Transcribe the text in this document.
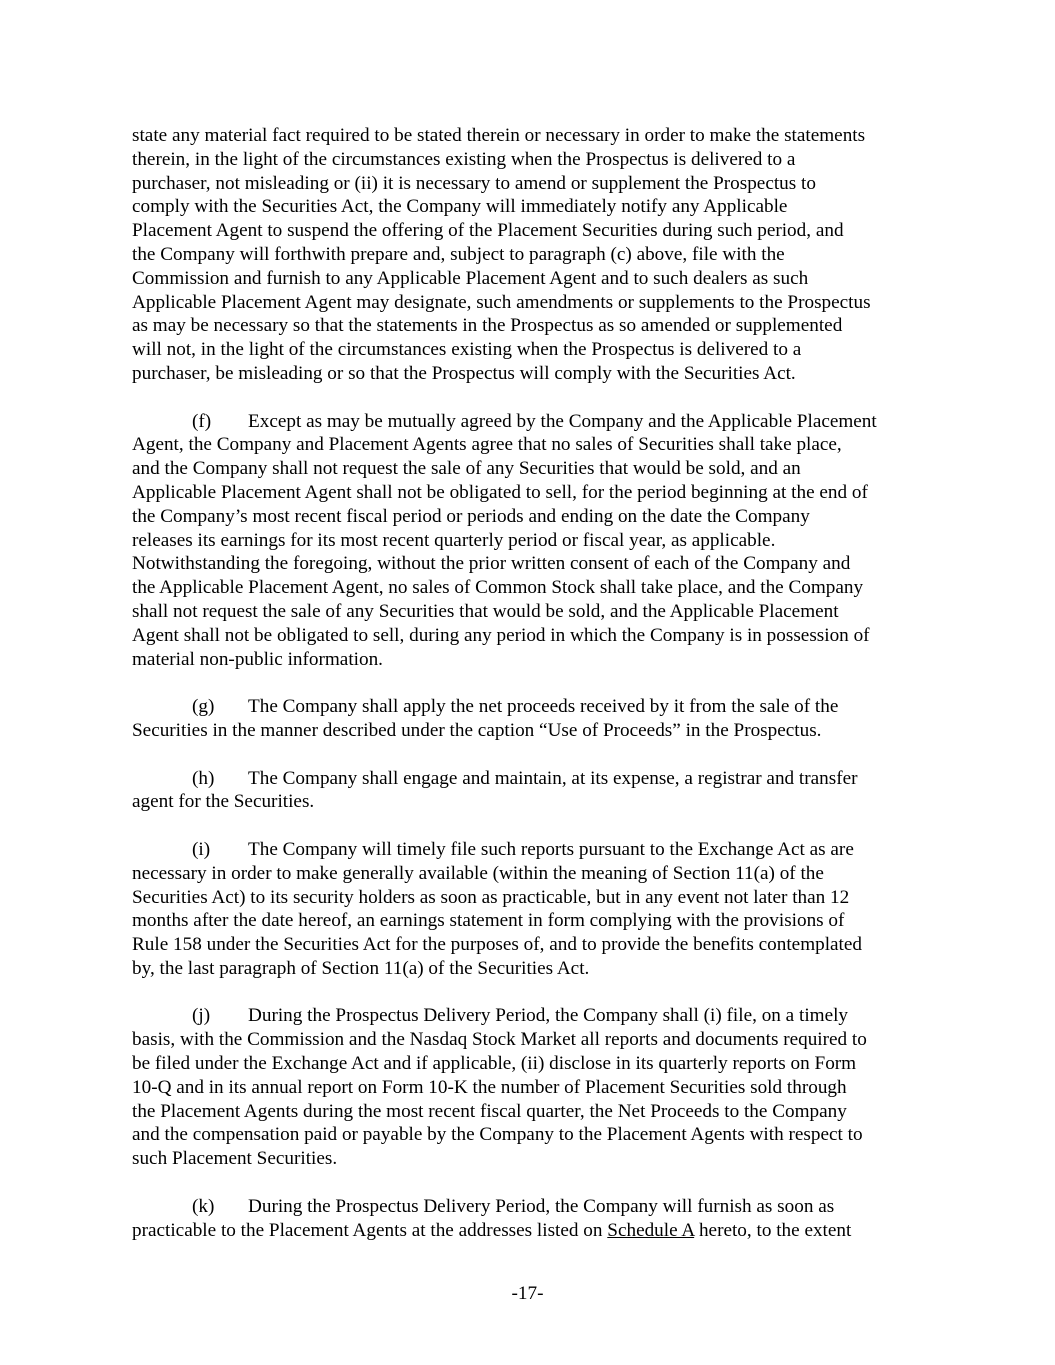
state any material fact required to be stated therein or necessary in order to make the statements
therein, in the light of the circumstances existing when the Prospectus is delivered to a
purchaser, not misleading or (ii) it is necessary to amend or supplement the Prospectus to
comply with the Securities Act, the Company will immediately notify any Applicable
Placement Agent to suspend the offering of the Placement Securities during such period, and
the Company will forthwith prepare and, subject to paragraph (c) above, file with the
Commission and furnish to any Applicable Placement Agent and to such dealers as such
Applicable Placement Agent may designate, such amendments or supplements to the Prospectus
as may be necessary so that the statements in the Prospectus as so amended or supplemented
will not, in the light of the circumstances existing when the Prospectus is delivered to a
purchaser, be misleading or so that the Prospectus will comply with the Securities Act.
(f) Except as may be mutually agreed by the Company and the Applicable Placement
Agent, the Company and Placement Agents agree that no sales of Securities shall take place,
and the Company shall not request the sale of any Securities that would be sold, and an
Applicable Placement Agent shall not be obligated to sell, for the period beginning at the end of
the Company’s most recent fiscal period or periods and ending on the date the Company
releases its earnings for its most recent quarterly period or fiscal year, as applicable.
Notwithstanding the foregoing, without the prior written consent of each of the Company and
the Applicable Placement Agent, no sales of Common Stock shall take place, and the Company
shall not request the sale of any Securities that would be sold, and the Applicable Placement
Agent shall not be obligated to sell, during any period in which the Company is in possession of
material non-public information.
(g) The Company shall apply the net proceeds received by it from the sale of the
Securities in the manner described under the caption “Use of Proceeds” in the Prospectus.
(h) The Company shall engage and maintain, at its expense, a registrar and transfer
agent for the Securities.
(i) The Company will timely file such reports pursuant to the Exchange Act as are
necessary in order to make generally available (within the meaning of Section 11(a) of the
Securities Act) to its security holders as soon as practicable, but in any event not later than 12
months after the date hereof, an earnings statement in form complying with the provisions of
Rule 158 under the Securities Act for the purposes of, and to provide the benefits contemplated
by, the last paragraph of Section 11(a) of the Securities Act.
(j) During the Prospectus Delivery Period, the Company shall (i) file, on a timely
basis, with the Commission and the Nasdaq Stock Market all reports and documents required to
be filed under the Exchange Act and if applicable, (ii) disclose in its quarterly reports on Form
10-Q and in its annual report on Form 10-K the number of Placement Securities sold through
the Placement Agents during the most recent fiscal quarter, the Net Proceeds to the Company
and the compensation paid or payable by the Company to the Placement Agents with respect to
such Placement Securities.
(k) During the Prospectus Delivery Period, the Company will furnish as soon as
practicable to the Placement Agents at the addresses listed on Schedule A hereto, to the extent
-17-
